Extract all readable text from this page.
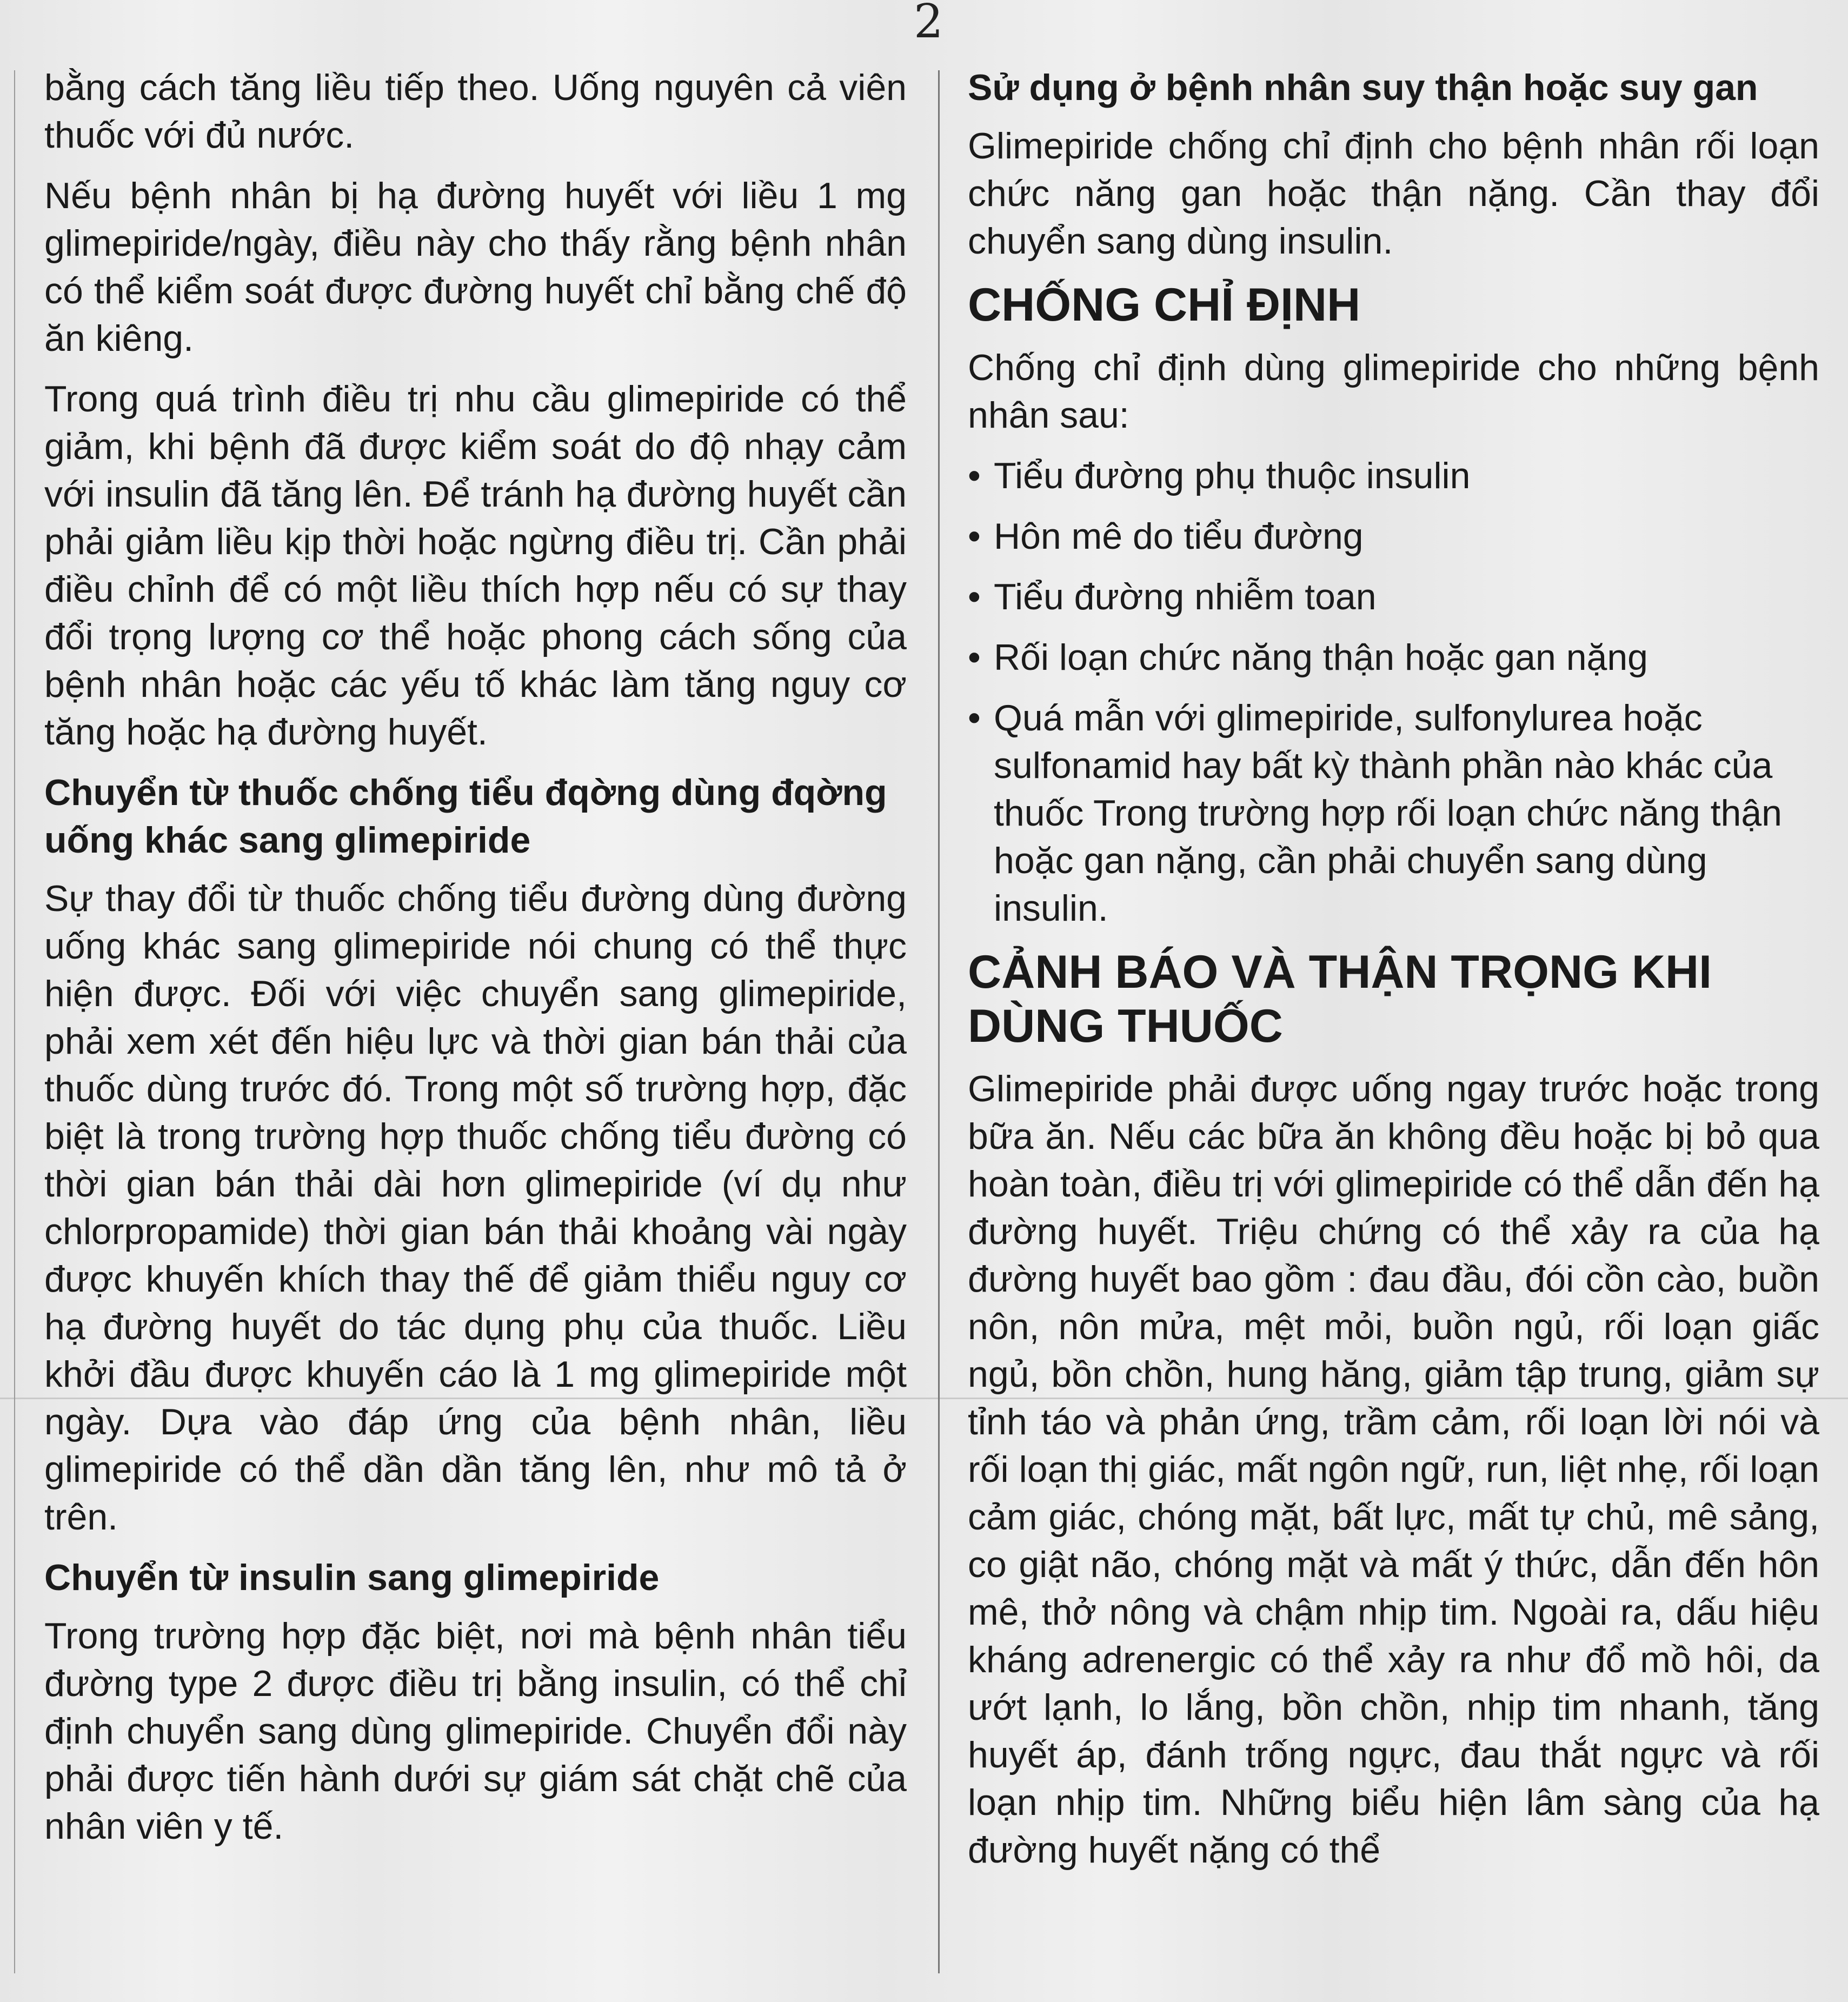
2

bằng cách tăng liều tiếp theo. Uống nguyên cả viên thuốc với đủ nước.

Nếu bệnh nhân bị hạ đường huyết với liều 1 mg glimepiride/ngày, điều này cho thấy rằng bệnh nhân có thể kiểm soát được đường huyết chỉ bằng chế độ ăn kiêng.

Trong quá trình điều trị nhu cầu glimepiride có thể giảm, khi bệnh đã được kiểm soát do độ nhạy cảm với insulin đã tăng lên. Để tránh hạ đường huyết cần phải giảm liều kịp thời hoặc ngừng điều trị. Cần phải điều chỉnh để có một liều thích hợp nếu có sự thay đổi trọng lượng cơ thể hoặc phong cách sống của bệnh nhân hoặc các yếu tố khác làm tăng nguy cơ tăng hoặc hạ đường huyết.

Chuyển từ thuốc chống tiểu đqờng dùng đqờng uống khác sang glimepiride

Sự thay đổi từ thuốc chống tiểu đường dùng đường uống khác sang glimepiride nói chung có thể thực hiện được. Đối với việc chuyển sang glimepiride, phải xem xét đến hiệu lực và thời gian bán thải của thuốc dùng trước đó. Trong một số trường hợp, đặc biệt là trong trường hợp thuốc chống tiểu đường có thời gian bán thải dài hơn glimepiride (ví dụ như chlorpropamide) thời gian bán thải khoảng vài ngày được khuyến khích thay thế để giảm thiểu nguy cơ hạ đường huyết do tác dụng phụ của thuốc. Liều khởi đầu được khuyến cáo là 1 mg glimepiride một ngày. Dựa vào đáp ứng của bệnh nhân, liều glimepiride có thể dần dần tăng lên, như mô tả ở trên.

Chuyển từ insulin sang glimepiride

Trong trường hợp đặc biệt, nơi mà bệnh nhân tiểu đường type 2 được điều trị bằng insulin, có thể chỉ định chuyển sang dùng glimepiride. Chuyển đổi này phải được tiến hành dưới sự giám sát chặt chẽ của nhân viên y tế.

Sử dụng ở bệnh nhân suy thận hoặc suy gan

Glimepiride chống chỉ định cho bệnh nhân rối loạn chức năng gan hoặc thận nặng. Cần thay đổi chuyển sang dùng insulin.

CHỐNG CHỈ ĐỊNH

Chống chỉ định dùng glimepiride cho những bệnh nhân sau:

• Tiểu đường phụ thuộc insulin
• Hôn mê do tiểu đường
• Tiểu đường nhiễm toan
• Rối loạn chức năng thận hoặc gan nặng
• Quá mẫn với glimepiride, sulfonylurea hoặc sulfonamid hay bất kỳ thành phần nào khác của thuốc Trong trường hợp rối loạn chức năng thận hoặc gan nặng, cần phải chuyển sang dùng insulin.
CẢNH BÁO VÀ THẬN TRỌNG KHI DÙNG THUỐC

Glimepiride phải được uống ngay trước hoặc trong bữa ăn. Nếu các bữa ăn không đều hoặc bị bỏ qua hoàn toàn, điều trị với glimepiride có thể dẫn đến hạ đường huyết. Triệu chứng có thể xảy ra của hạ đường huyết bao gồm : đau đầu, đói cồn cào, buồn nôn, nôn mửa, mệt mỏi, buồn ngủ, rối loạn giấc ngủ, bồn chồn, hung hăng, giảm tập trung, giảm sự tỉnh táo và phản ứng, trầm cảm, rối loạn lời nói và rối loạn thị giác, mất ngôn ngữ, run, liệt nhẹ, rối loạn cảm giác, chóng mặt, bất lực, mất tự chủ, mê sảng, co giật não, chóng mặt và mất ý thức, dẫn đến hôn mê, thở nông và chậm nhịp tim. Ngoài ra, dấu hiệu kháng adrenergic có thể xảy ra như đổ mồ hôi, da ướt lạnh, lo lắng, bồn chồn, nhịp tim nhanh, tăng huyết áp, đánh trống ngực, đau thắt ngực và rối loạn nhịp tim. Những biểu hiện lâm sàng của hạ đường huyết nặng có thể
